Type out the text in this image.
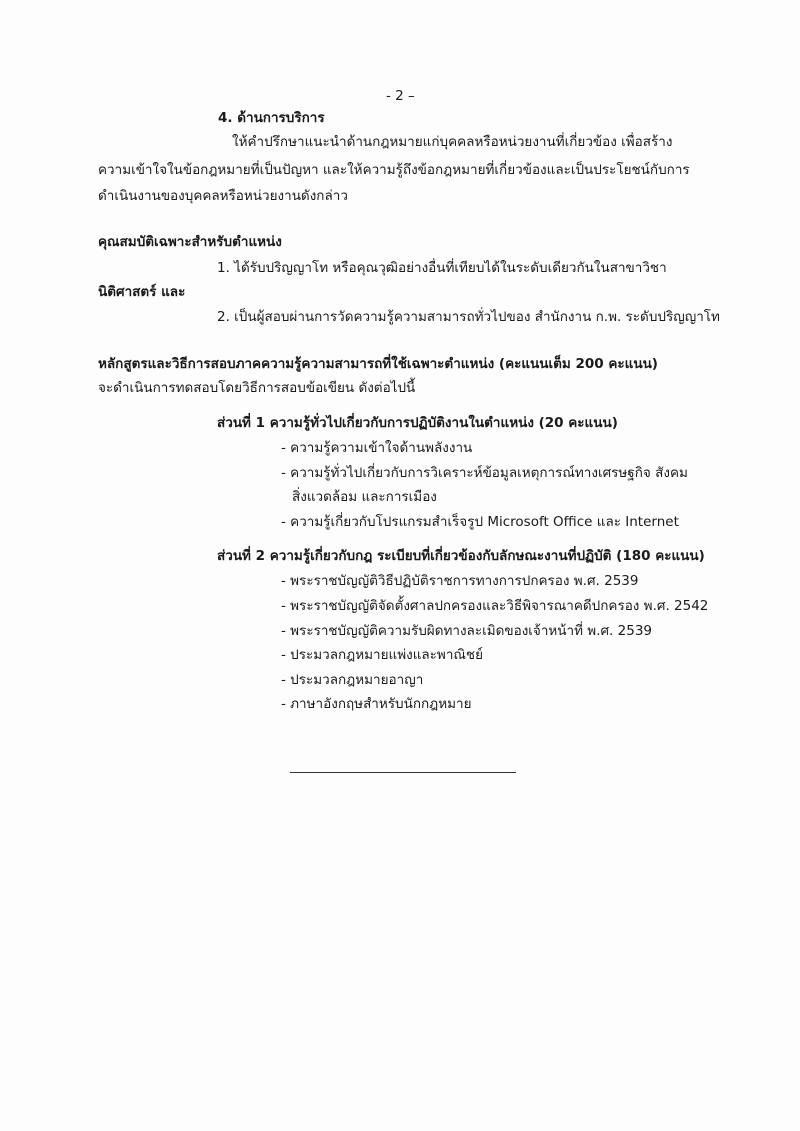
- 2 –
4. ด้านการบริการ
ให้คำปรึกษาแนะนำด้านกฎหมายแก่บุคคลหรือหน่วยงานที่เกี่ยวข้อง เพื่อสร้าง
ความเข้าใจในข้อกฎหมายที่เป็นปัญหา และให้ความรู้ถึงข้อกฎหมายที่เกี่ยวข้องและเป็นประโยชน์กับการ
ดำเนินงานของบุคคลหรือหน่วยงานดังกล่าว
คุณสมบัติเฉพาะสำหรับตำแหน่ง
1. ได้รับปริญญาโท หรือคุณวุฒิอย่างอื่นที่เทียบได้ในระดับเดียวกันในสาขาวิชา
นิติศาสตร์ และ
2. เป็นผู้สอบผ่านการวัดความรู้ความสามารถทั่วไปของ สำนักงาน ก.พ. ระดับปริญญาโท
หลักสูตรและวิธีการสอบภาคความรู้ความสามารถที่ใช้เฉพาะตำแหน่ง (คะแนนเต็ม 200 คะแนน)
จะดำเนินการทดสอบโดยวิธีการสอบข้อเขียน ดังต่อไปนี้
ส่วนที่ 1 ความรู้ทั่วไปเกี่ยวกับการปฏิบัติงานในตำแหน่ง (20 คะแนน)
- ความรู้ความเข้าใจด้านพลังงาน
- ความรู้ทั่วไปเกี่ยวกับการวิเคราะห์ข้อมูลเหตุการณ์ทางเศรษฐกิจ สังคม
สิ่งแวดล้อม และการเมือง
- ความรู้เกี่ยวกับโปรแกรมสำเร็จรูป Microsoft Office และ Internet
ส่วนที่ 2 ความรู้เกี่ยวกับกฎ ระเบียบที่เกี่ยวข้องกับลักษณะงานที่ปฏิบัติ (180 คะแนน)
- พระราชบัญญัติวิธีปฏิบัติราชการทางการปกครอง พ.ศ. 2539
- พระราชบัญญัติจัดตั้งศาลปกครองและวิธีพิจารณาคดีปกครอง พ.ศ. 2542
- พระราชบัญญัติความรับผิดทางละเมิดของเจ้าหน้าที่ พ.ศ. 2539
- ประมวลกฎหมายแพ่งและพาณิชย์
- ประมวลกฎหมายอาญา
- ภาษาอังกฤษสำหรับนักกฎหมาย
